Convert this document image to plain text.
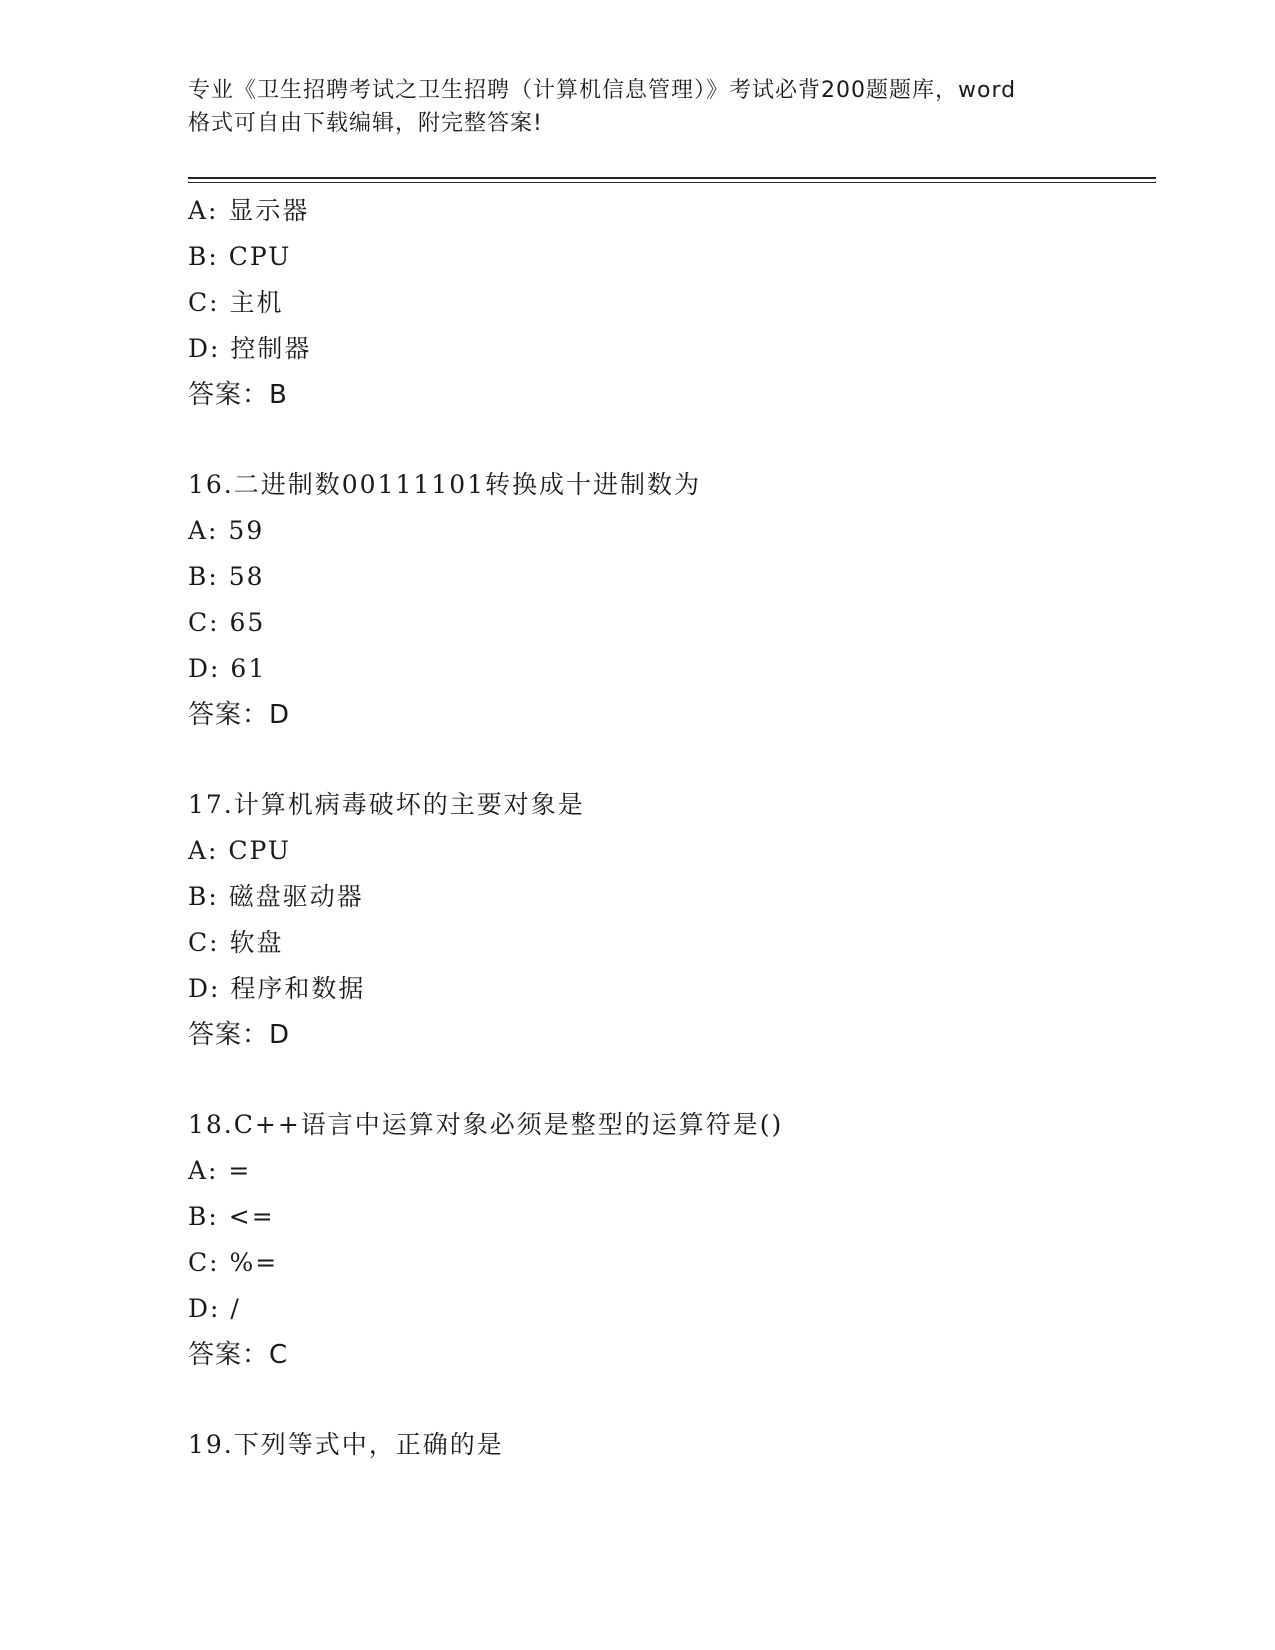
专业《卫生招聘考试之卫生招聘（计算机信息管理）》考试必背200题题库，word
格式可自由下载编辑，附完整答案!
A: 显示器
B: CPU
C: 主机
D: 控制器
答案：B
16.二进制数00111101转换成十进制数为
A: 59
B: 58
C: 65
D: 61
答案：D
17.计算机病毒破坏的主要对象是
A: CPU
B: 磁盘驱动器
C: 软盘
D: 程序和数据
答案：D
18.C++语言中运算对象必须是整型的运算符是()
A: =
B: <=
C: %=
D: /
答案：C
19.下列等式中，正确的是
